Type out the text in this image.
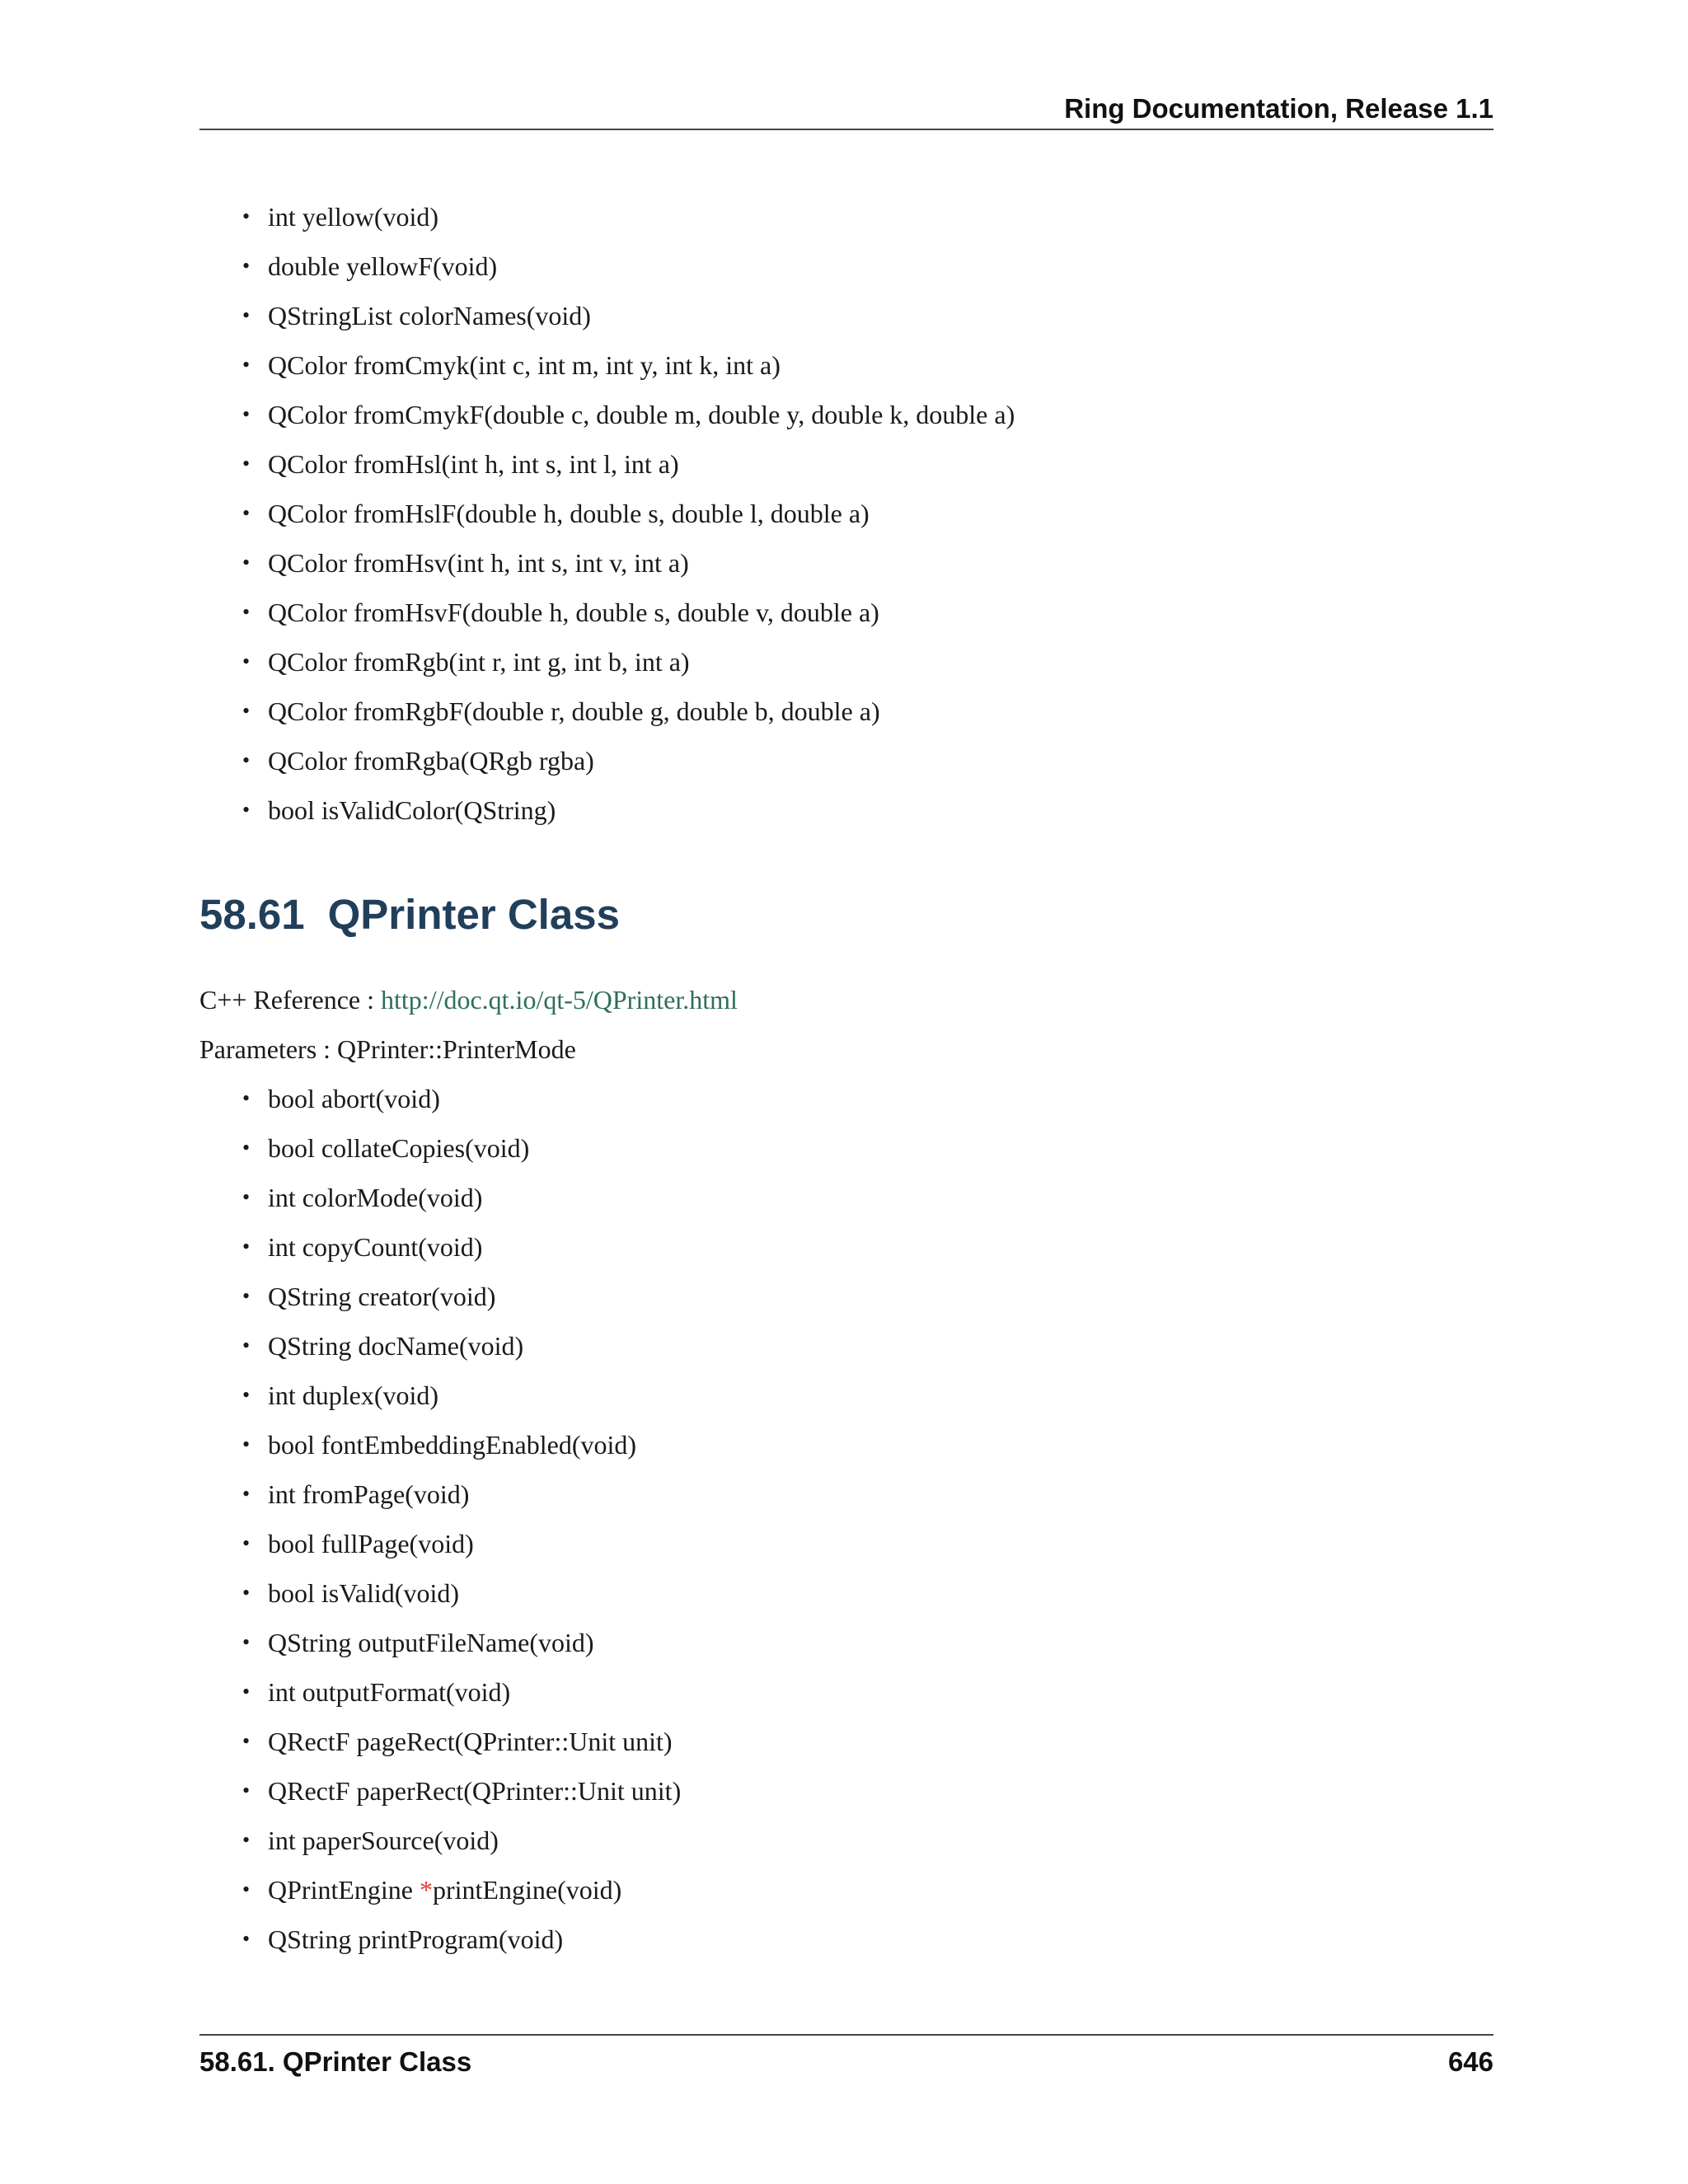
Ring Documentation, Release 1.1
• int yellow(void)
• double yellowF(void)
• QStringList colorNames(void)
• QColor fromCmyk(int c, int m, int y, int k, int a)
• QColor fromCmykF(double c, double m, double y, double k, double a)
• QColor fromHsl(int h, int s, int l, int a)
• QColor fromHslF(double h, double s, double l, double a)
• QColor fromHsv(int h, int s, int v, int a)
• QColor fromHsvF(double h, double s, double v, double a)
• QColor fromRgb(int r, int g, int b, int a)
• QColor fromRgbF(double r, double g, double b, double a)
• QColor fromRgba(QRgb rgba)
• bool isValidColor(QString)
58.61 QPrinter Class
C++ Reference : http://doc.qt.io/qt-5/QPrinter.html
Parameters : QPrinter::PrinterMode
• bool abort(void)
• bool collateCopies(void)
• int colorMode(void)
• int copyCount(void)
• QString creator(void)
• QString docName(void)
• int duplex(void)
• bool fontEmbeddingEnabled(void)
• int fromPage(void)
• bool fullPage(void)
• bool isValid(void)
• QString outputFileName(void)
• int outputFormat(void)
• QRectF pageRect(QPrinter::Unit unit)
• QRectF paperRect(QPrinter::Unit unit)
• int paperSource(void)
• QPrintEngine *printEngine(void)
• QString printProgram(void)
58.61. QPrinter Class	646
